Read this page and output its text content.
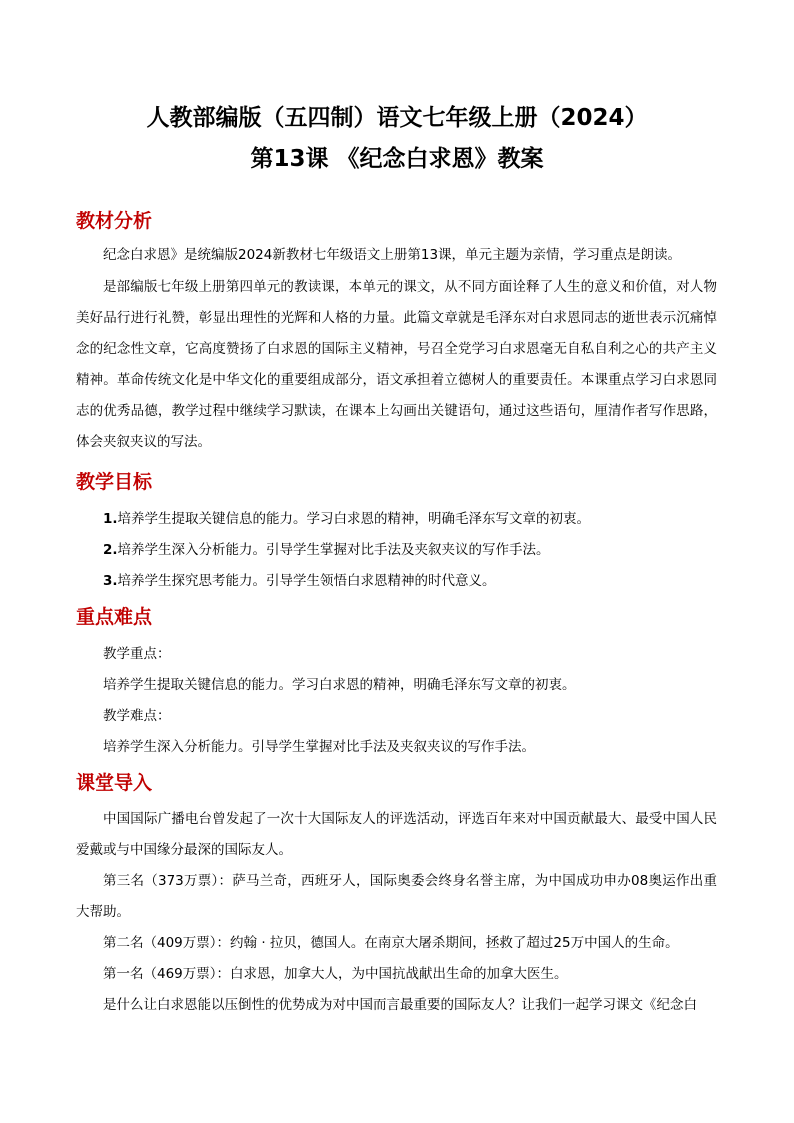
人教部编版（五四制）语文七年级上册（2024）
第13课 《纪念白求恩》教案
教材分析
纪念白求恩》是统编版2024新教材七年级语文上册第13课，单元主题为亲情，学习重点是朗读。
是部编版七年级上册第四单元的教读课，本单元的课文，从不同方面诠释了人生的意义和价值，对人物美好品行进行礼赞，彰显出理性的光辉和人格的力量。此篇文章就是毛泽东对白求恩同志的逝世表示沉痛悼念的纪念性文章，它高度赞扬了白求恩的国际主义精神，号召全党学习白求恩毫无自私自利之心的共产主义精神。革命传统文化是中华文化的重要组成部分，语文承担着立德树人的重要责任。本课重点学习白求恩同志的优秀品德，教学过程中继续学习默读，在课本上勾画出关键语句，通过这些语句，厘清作者写作思路，体会夹叙夹议的写法。
教学目标
1.培养学生提取关键信息的能力。学习白求恩的精神，明确毛泽东写文章的初衷。
2.培养学生深入分析能力。引导学生掌握对比手法及夹叙夹议的写作手法。
3.培养学生探究思考能力。引导学生领悟白求恩精神的时代意义。
重点难点
教学重点：
培养学生提取关键信息的能力。学习白求恩的精神，明确毛泽东写文章的初衷。
教学难点：
培养学生深入分析能力。引导学生掌握对比手法及夹叙夹议的写作手法。
课堂导入
中国国际广播电台曾发起了一次十大国际友人的评选活动，评选百年来对中国贡献最大、最受中国人民爱戴或与中国缘分最深的国际友人。
第三名（373万票）：萨马兰奇，西班牙人，国际奥委会终身名誉主席，为中国成功申办08奥运作出重大帮助。
第二名（409万票）：约翰 · 拉贝，德国人。在南京大屠杀期间，拯救了超过25万中国人的生命。
第一名（469万票）：白求恩，加拿大人，为中国抗战献出生命的加拿大医生。
是什么让白求恩能以压倒性的优势成为对中国而言最重要的国际友人？让我们一起学习课文《纪念白
